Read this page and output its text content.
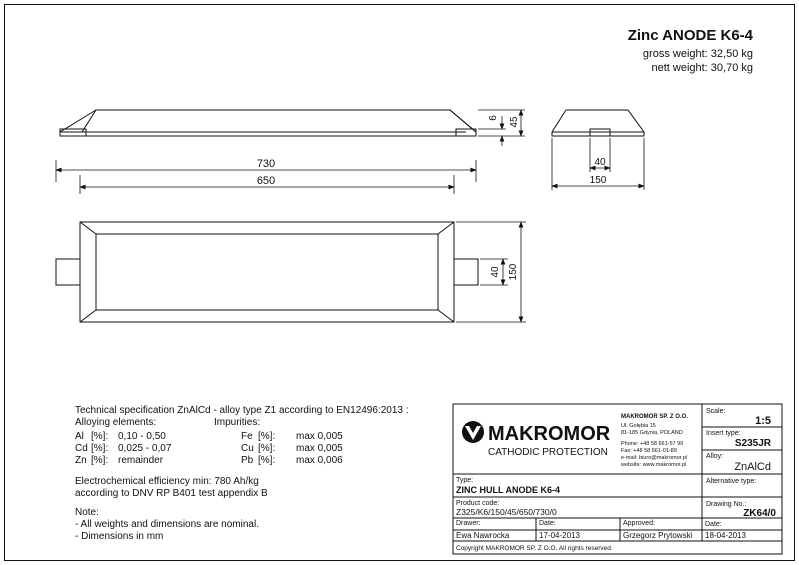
Zinc ANODE K6-4
gross weight: 32,50 kg
nett weight: 30,70 kg
6 45
40
150
730
650
40 150
Technical specification ZnAlCd - alloy type Z1 according to EN12496:2013 :
Alloying elements:	Impurities:
Al [%]: 0,10 - 0,50	Fe [%]: max 0,005
Cd [%]: 0,025 - 0,07	Cu [%]: max 0,005
Zn [%]: remainder	Pb [%]: max 0,006
Electrochemical efficiency min: 780 Ah/kg
according to DNV RP B401 test appendix B
Note:
- All weights and dimensions are nominal.
- Dimensions in mm
MAKROMOR
CATHODIC PROTECTION
MAKROMOR SP. Z O.O.
Ul. Gołębia 15
81-185 Gdynia, POLAND
Phone: +48 58 661-57 99
Fax: +48 58 661-01-89
e-mail: biuro@makromor.pl
website: www.makromor.pl
Scale:
1:5
Insert type:
S235JR
Alloy:
ZnAlCd
Alternative type:
Drawing No.:
ZK64/0
Type:
ZINC HULL ANODE K6-4
Product code:
Z325/K6/150/45/650/730/0
Drawer:
Ewa Nawrocka
Date:
17-04-2013
Approved:
Grzegorz Prytowski
Date:
18-04-2013
Copyright MAKROMOR SP. Z O.O. All rights reserved.
